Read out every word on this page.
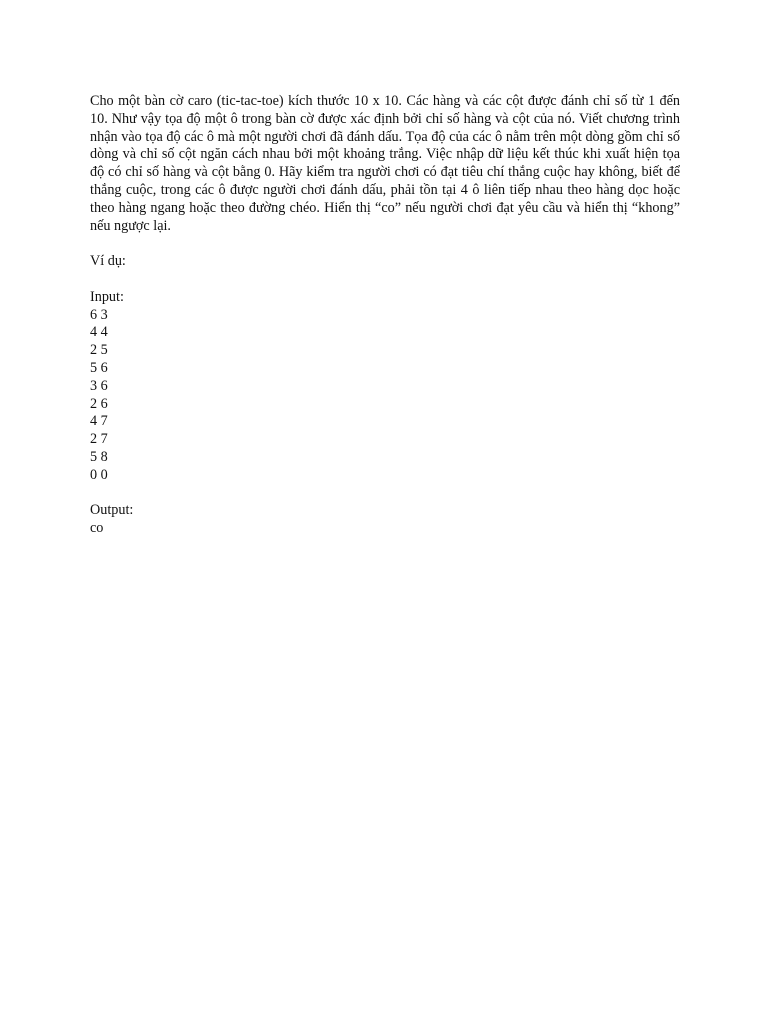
Cho một bàn cờ caro (tic-tac-toe) kích thước 10 x 10. Các hàng và các cột được đánh chỉ số từ 1 đến 10. Như vậy tọa độ một ô trong bàn cờ được xác định bởi chỉ số hàng và cột của nó. Viết chương trình nhận vào tọa độ các ô mà một người chơi đã đánh dấu. Tọa độ của các ô nằm trên một dòng gồm chỉ số dòng và chỉ số cột ngăn cách nhau bởi một khoảng trắng. Việc nhập dữ liệu kết thúc khi xuất hiện tọa độ có chỉ số hàng và cột bằng 0. Hãy kiểm tra người chơi có đạt tiêu chí thắng cuộc hay không, biết để thắng cuộc, trong các ô được người chơi đánh dấu, phải tồn tại 4 ô liên tiếp nhau theo hàng dọc hoặc theo hàng ngang hoặc theo đường chéo. Hiển thị “co” nếu người chơi đạt yêu cầu và hiển thị “khong” nếu ngược lại.

Ví dụ:

Input:

6 3

4 4

2 5

5 6

3 6

2 6

4 7

2 7

5 8

0 0

Output:

co
